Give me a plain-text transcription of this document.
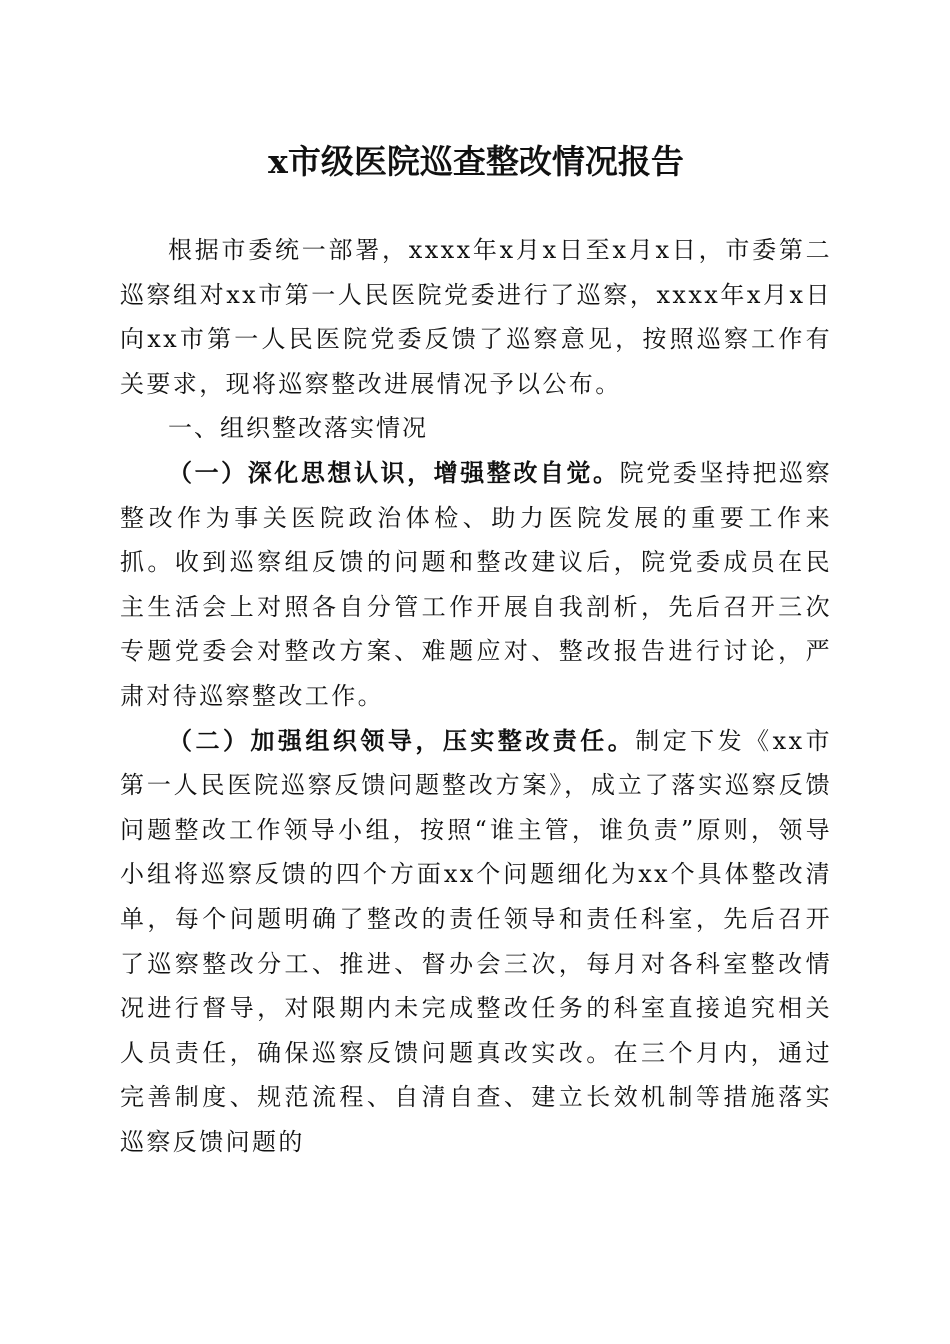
x市级医院巡查整改情况报告

根据市委统一部署，xxxx年x月x日至x月x日，市委第二巡察组对xx市第一人民医院党委进行了巡察，xxxx年x月x日向xx市第一人民医院党委反馈了巡察意见，按照巡察工作有关要求，现将巡察整改进展情况予以公布。

一、组织整改落实情况

（一）深化思想认识，增强整改自觉。院党委坚持把巡察整改作为事关医院政治体检、助力医院发展的重要工作来抓。收到巡察组反馈的问题和整改建议后，院党委成员在民主生活会上对照各自分管工作开展自我剖析，先后召开三次专题党委会对整改方案、难题应对、整改报告进行讨论，严肃对待巡察整改工作。

（二）加强组织领导，压实整改责任。制定下发《xx市第一人民医院巡察反馈问题整改方案》，成立了落实巡察反馈问题整改工作领导小组，按照“谁主管，谁负责”原则，领导小组将巡察反馈的四个方面xx个问题细化为xx个具体整改清单，每个问题明确了整改的责任领导和责任科室，先后召开了巡察整改分工、推进、督办会三次，每月对各科室整改情况进行督导，对限期内未完成整改任务的科室直接追究相关人员责任，确保巡察反馈问题真改实改。在三个月内，通过完善制度、规范流程、自清自查、建立长效机制等措施落实巡察反馈问题的
